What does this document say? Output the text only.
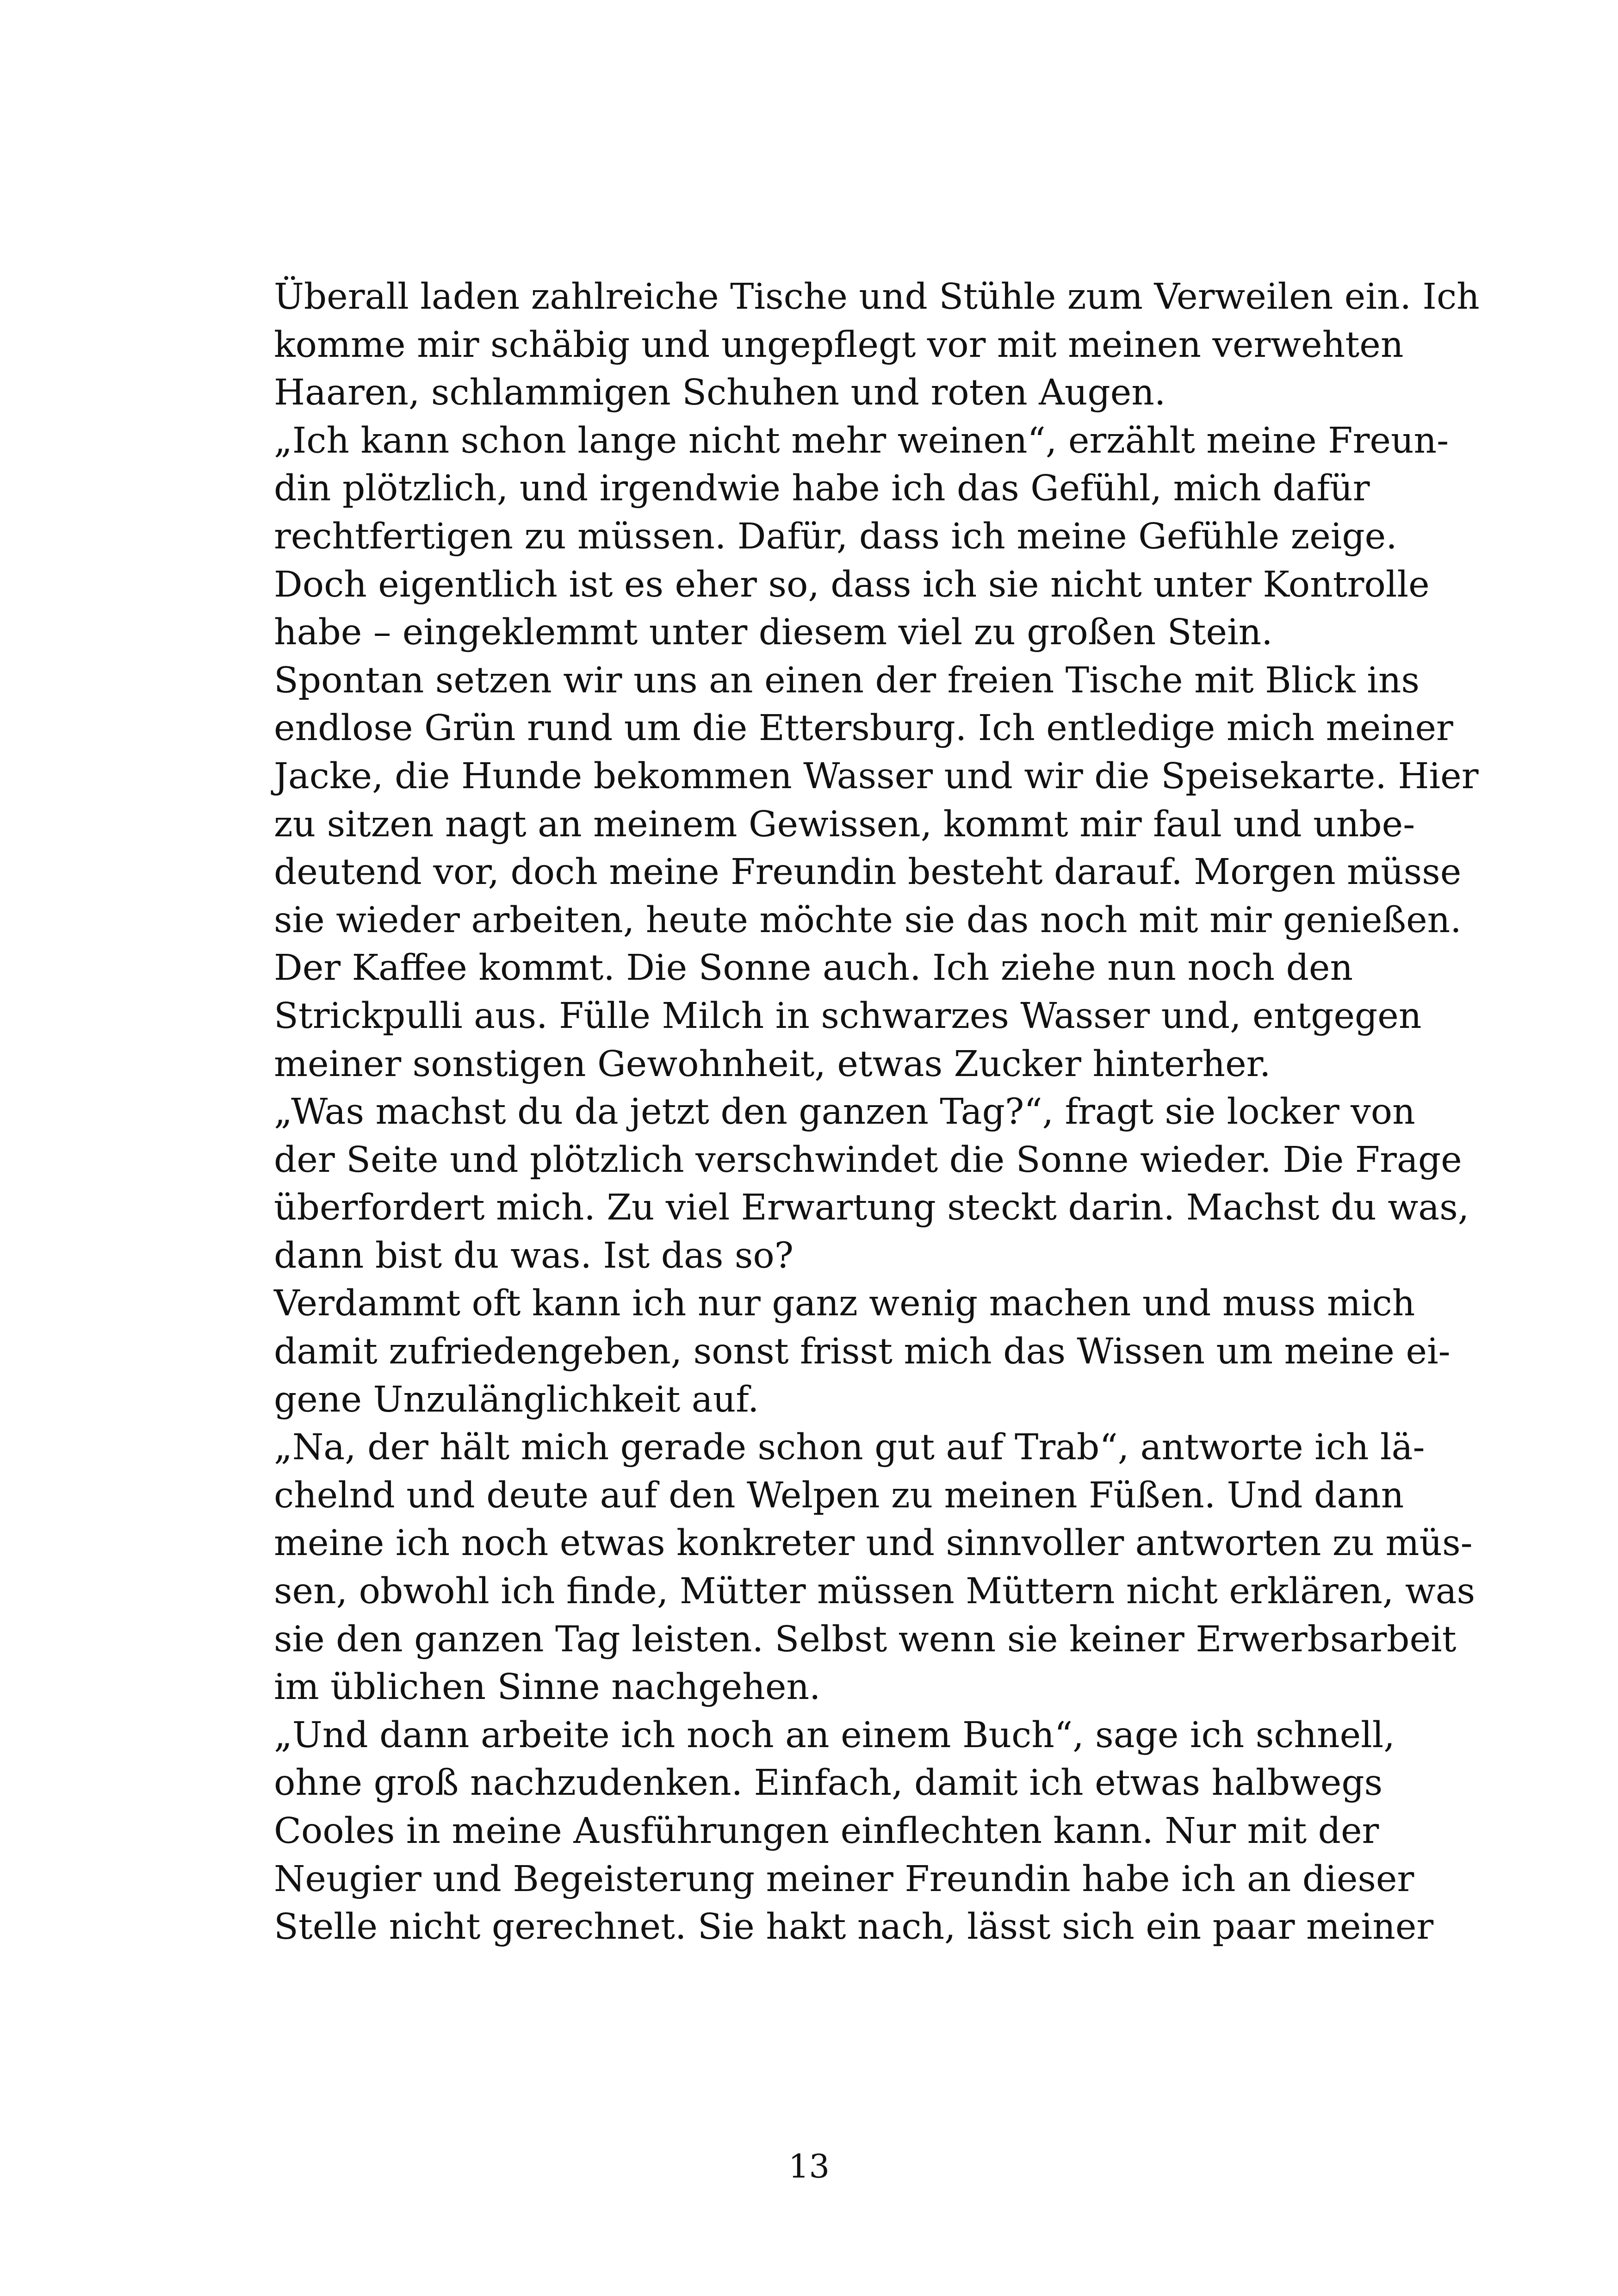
Überall laden zahlreiche Tische und Stühle zum Verweilen ein. Ich
komme mir schäbig und ungepflegt vor mit meinen verwehten
Haaren, schlammigen Schuhen und roten Augen.
„Ich kann schon lange nicht mehr weinen“, erzählt meine Freun-
din plötzlich, und irgendwie habe ich das Gefühl, mich dafür
rechtfertigen zu müssen. Dafür, dass ich meine Gefühle zeige.
Doch eigentlich ist es eher so, dass ich sie nicht unter Kontrolle
habe – eingeklemmt unter diesem viel zu großen Stein.
Spontan setzen wir uns an einen der freien Tische mit Blick ins
endlose Grün rund um die Ettersburg. Ich entledige mich meiner
Jacke, die Hunde bekommen Wasser und wir die Speisekarte. Hier
zu sitzen nagt an meinem Gewissen, kommt mir faul und unbe-
deutend vor, doch meine Freundin besteht darauf. Morgen müsse
sie wieder arbeiten, heute möchte sie das noch mit mir genießen.
Der Kaffee kommt. Die Sonne auch. Ich ziehe nun noch den
Strickpulli aus. Fülle Milch in schwarzes Wasser und, entgegen
meiner sonstigen Gewohnheit, etwas Zucker hinterher.
„Was machst du da jetzt den ganzen Tag?“, fragt sie locker von
der Seite und plötzlich verschwindet die Sonne wieder. Die Frage
überfordert mich. Zu viel Erwartung steckt darin. Machst du was,
dann bist du was. Ist das so?
Verdammt oft kann ich nur ganz wenig machen und muss mich
damit zufriedengeben, sonst frisst mich das Wissen um meine ei-
gene Unzulänglichkeit auf.
„Na, der hält mich gerade schon gut auf Trab“, antworte ich lä-
chelnd und deute auf den Welpen zu meinen Füßen. Und dann
meine ich noch etwas konkreter und sinnvoller antworten zu müs-
sen, obwohl ich finde, Mütter müssen Müttern nicht erklären, was
sie den ganzen Tag leisten. Selbst wenn sie keiner Erwerbsarbeit
im üblichen Sinne nachgehen.
„Und dann arbeite ich noch an einem Buch“, sage ich schnell,
ohne groß nachzudenken. Einfach, damit ich etwas halbwegs
Cooles in meine Ausführungen einflechten kann. Nur mit der
Neugier und Begeisterung meiner Freundin habe ich an dieser
Stelle nicht gerechnet. Sie hakt nach, lässt sich ein paar meiner
13
